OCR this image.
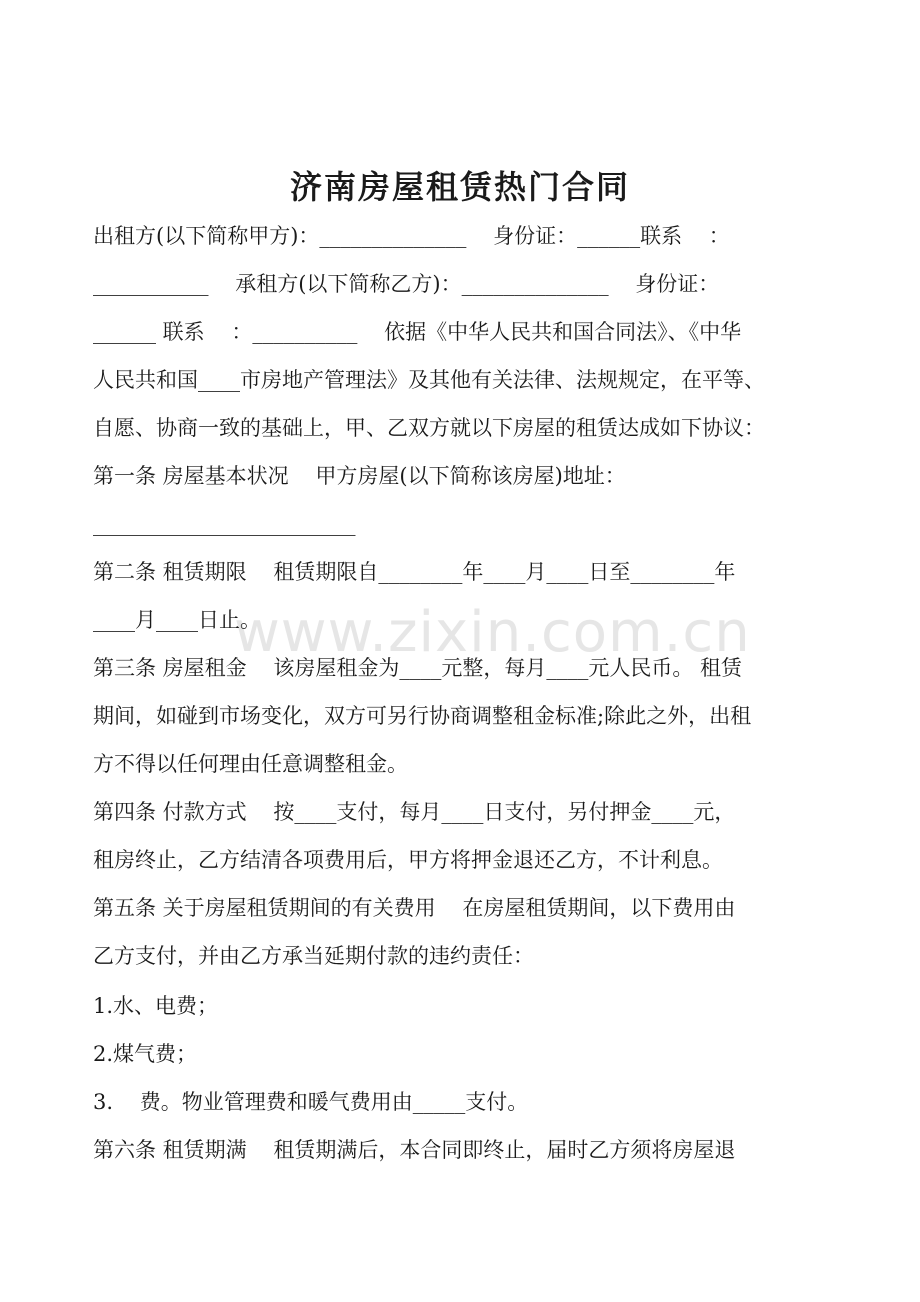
www.zixin.com.cn
济南房屋租赁热门合同
出租方(以下简称甲方)：______________    身份证：______联系    ：
___________    承租方(以下简称乙方)：______________    身份证：
______ 联系    ：__________    依据《中华人民共和国合同法》、《中华
人民共和国____市房地产管理法》及其他有关法律、法规规定，在平等、
自愿、协商一致的基础上，甲、乙双方就以下房屋的租赁达成如下协议：
第一条 房屋基本状况    甲方房屋(以下简称该房屋)地址：
_________________________
第二条 租赁期限    租赁期限自________年____月____日至________年
____月____日止。
第三条 房屋租金    该房屋租金为____元整，每月____元人民币。 租赁
期间，如碰到市场变化，双方可另行协商调整租金标准;除此之外，出租
方不得以任何理由任意调整租金。
第四条 付款方式    按____支付，每月____日支付，另付押金____元，
租房终止，乙方结清各项费用后，甲方将押金退还乙方，不计利息。
第五条 关于房屋租赁期间的有关费用    在房屋租赁期间，以下费用由
乙方支付，并由乙方承当延期付款的违约责任：
1.水、电费；
2.煤气费；
3.    费。物业管理费和暖气费用由_____支付。
第六条 租赁期满    租赁期满后，本合同即终止，届时乙方须将房屋退
